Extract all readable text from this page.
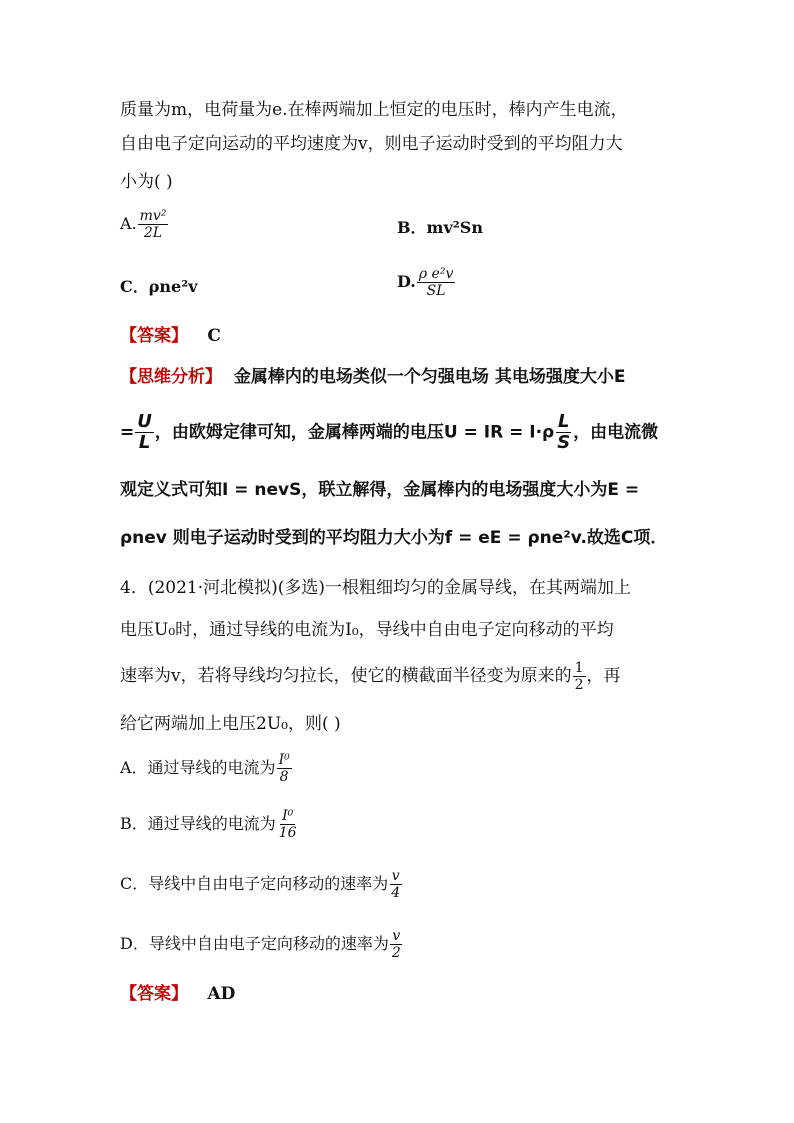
质量为m，电荷量为e.在棒两端加上恒定的电压时，棒内产生电流，
自由电子定向运动的平均速度为v，则电子运动时受到的平均阻力大
小为( )
A. $\frac{\text{mv²}}{2L}$	B．mv²Sn
C．ρne²v	D. $\frac{\text{ρ e²v}}{SL}$
【答案】 C
【思维分析】 金属棒内的电场类似一个匀强电场 其电场强度大小E
= $\frac{U}{L}$ ，由欧姆定律可知，金属棒两端的电压U = IR = $I\cdot\rho \frac{L}{S}$ ，由电流微
观定义式可知I = nevS，联立解得，金属棒内的电场强度大小为E =
ρnev 则电子运动时受到的平均阻力大小为f = eE = ρne²v.故选C项．
4．(2021·河北模拟)(多选)一根粗细均匀的金属导线，在其两端加上
电压U₀时，通过导线的电流为I₀，导线中自由电子定向移动的平均
速率为v，若将导线均匀拉长，使它的横截面半径变为原来的 $\frac{1}{2}$ ，再
给它两端加上电压2U₀，则( )
A．通过导线的电流为 $\frac{\text{I⁰}}{8}$
B．通过导线的电流为 $\frac{\text{I⁰}}{16}$
C．导线中自由电子定向移动的速率为 $\frac{v}{4}$
D．导线中自由电子定向移动的速率为 $\frac{v}{2}$
【答案】 AD
